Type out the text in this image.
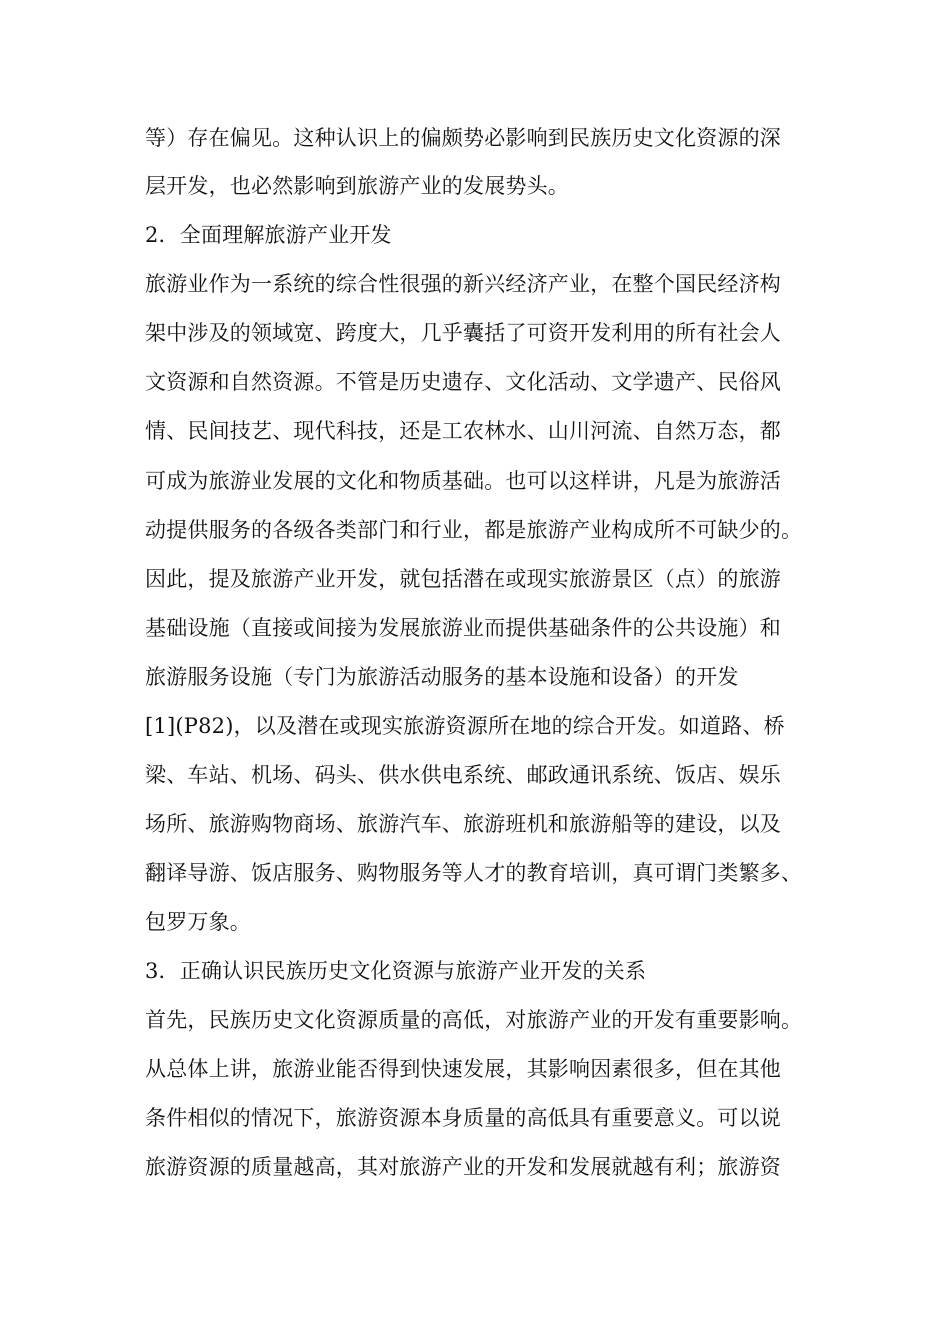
等）存在偏见。这种认识上的偏颇势必影响到民族历史文化资源的深
层开发，也必然影响到旅游产业的发展势头。
2．全面理解旅游产业开发
旅游业作为一系统的综合性很强的新兴经济产业，在整个国民经济构
架中涉及的领域宽、跨度大，几乎囊括了可资开发利用的所有社会人
文资源和自然资源。不管是历史遗存、文化活动、文学遗产、民俗风
情、民间技艺、现代科技，还是工农林水、山川河流、自然万态，都
可成为旅游业发展的文化和物质基础。也可以这样讲，凡是为旅游活
动提供服务的各级各类部门和行业，都是旅游产业构成所不可缺少的。
因此，提及旅游产业开发，就包括潜在或现实旅游景区（点）的旅游
基础设施（直接或间接为发展旅游业而提供基础条件的公共设施）和
旅游服务设施（专门为旅游活动服务的基本设施和设备）的开发
[1](P82)，以及潜在或现实旅游资源所在地的综合开发。如道路、桥
梁、车站、机场、码头、供水供电系统、邮政通讯系统、饭店、娱乐
场所、旅游购物商场、旅游汽车、旅游班机和旅游船等的建设，以及
翻译导游、饭店服务、购物服务等人才的教育培训，真可谓门类繁多、
包罗万象。
3．正确认识民族历史文化资源与旅游产业开发的关系
首先，民族历史文化资源质量的高低，对旅游产业的开发有重要影响。
从总体上讲，旅游业能否得到快速发展，其影响因素很多，但在其他
条件相似的情况下，旅游资源本身质量的高低具有重要意义。可以说
旅游资源的质量越高，其对旅游产业的开发和发展就越有利；旅游资
